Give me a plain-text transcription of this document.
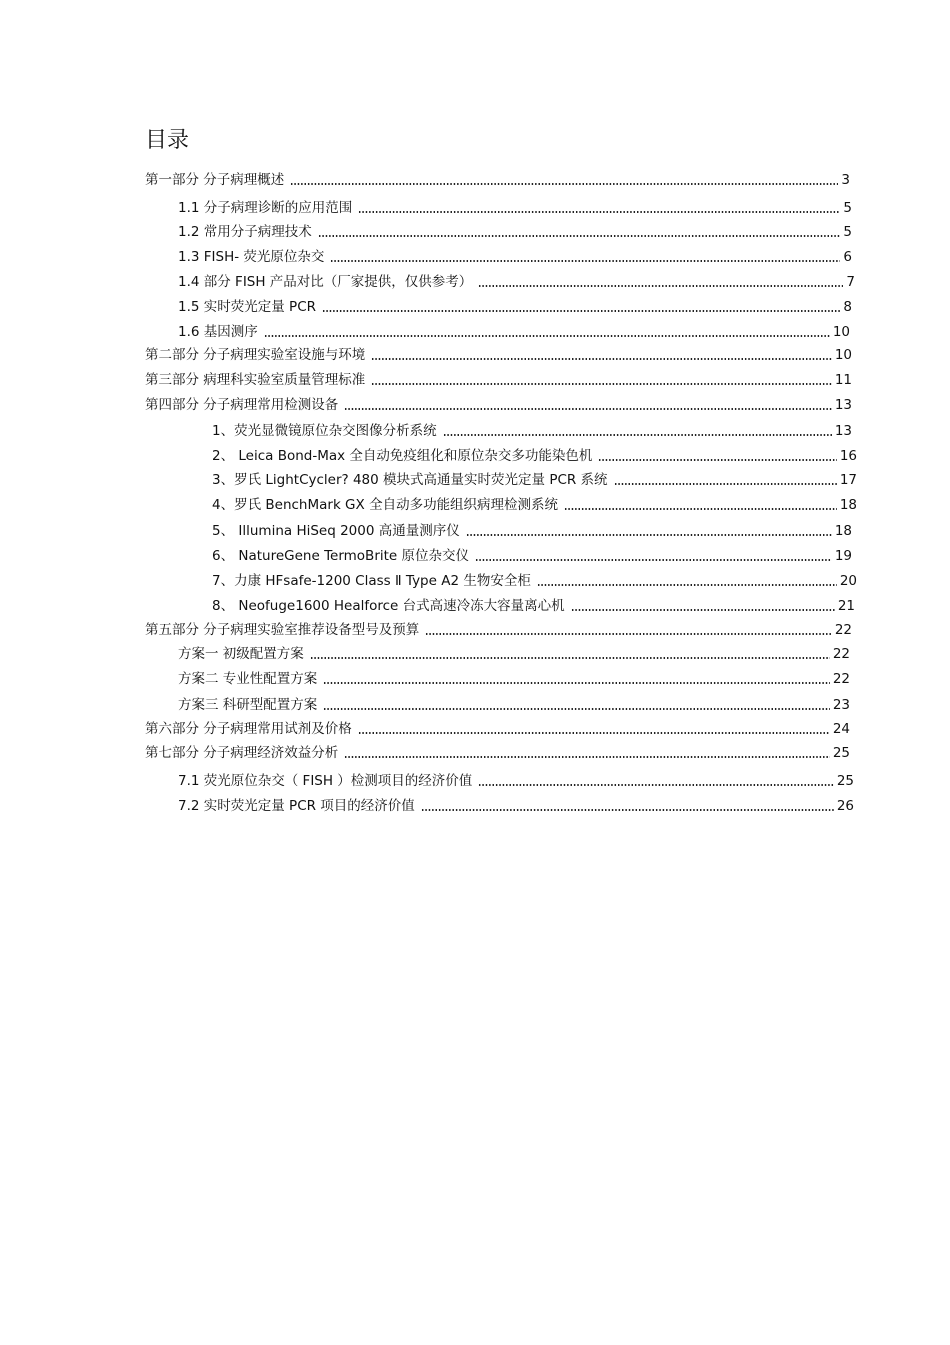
目录
第一部分 分子病理概述	3
1.1 分子病理诊断的应用范围	5
1.2 常用分子病理技术	5
1.3 FISH- 荧光原位杂交	6
1.4 部分 FISH 产品对比（厂家提供，仅供参考）	7
1.5 实时荧光定量 PCR	8
1.6 基因测序	10
第二部分 分子病理实验室设施与环境	10
第三部分 病理科实验室质量管理标准	11
第四部分 分子病理常用检测设备	13
1、荧光显微镜原位杂交图像分析系统	13
2、 Leica Bond-Max 全自动免疫组化和原位杂交多功能染色机	16
3、罗氏 LightCycler? 480 模块式高通量实时荧光定量 PCR 系统	17
4、罗氏 BenchMark GX 全自动多功能组织病理检测系统	18
5、 Illumina HiSeq 2000 高通量测序仪	18
6、 NatureGene TermoBrite 原位杂交仪	19
7、力康 HFsafe-1200 Class Ⅱ Type A2 生物安全柜	20
8、 Neofuge1600 Healforce 台式高速冷冻大容量离心机	21
第五部分 分子病理实验室推荐设备型号及预算	22
方案一 初级配置方案	22
方案二 专业性配置方案	22
方案三 科研型配置方案	23
第六部分 分子病理常用试剂及价格	24
第七部分 分子病理经济效益分析	25
7.1 荧光原位杂交（ FISH ）检测项目的经济价值	25
7.2 实时荧光定量 PCR 项目的经济价值	26
